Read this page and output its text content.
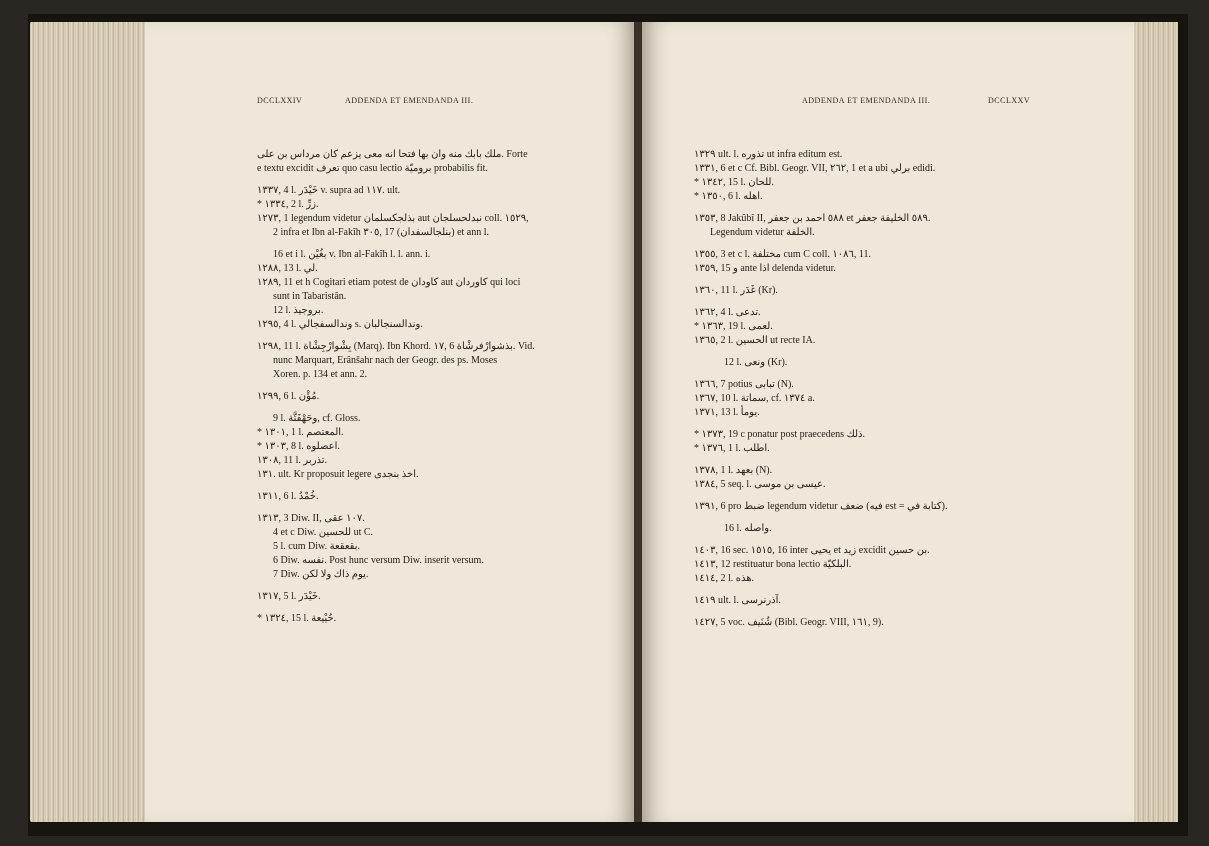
DCCLXXIV	ADDENDA ET EMENDANDA III.
ملك بابك منه وان بها فتحا انه معى يزعم كان مرداس بن على. Forte
e textu excidit تعرف quo casu lectio بروميّة probabilis fit.
١٣٣٧, 4 l. خَيْدَر v. supra ad ١١٧. ult.
* ١٣٣٤, 2 l. زرِّ.
١٢٧٣, 1 legendum videtur بذلجكسلمان aut نبدلحسلجان coll. ١٥٢٩,
2 infra et Ibn al-Fakîh ٣٠٥, 17 (بنلجالسفدان) et ann l.
16 et i l. بغُيْن v. Ibn al-Fakîh l. l. ann. i.
١٢٨٨, 13 l. لي.
١٢٨٩, 11 et h Cogitari etiam potest de كاودان aut كاوردان qui loci
sunt in Tabaristân.
12 l. بروجيذ.
١٢٩٥, 4 l. وندالسفجالي s. وندالسنجالبان.
١٢٩٨, 11 l. بِشْوارْجِشْاة (Marq). Ibn Khord. ١٧, 6 بذشوارْفرشْاة. Vid.
nunc Marquart, Erânšahr nach der Geogr. des ps. Moses
Xoren. p. 134 et ann. 2.
١٢٩٩, 6 l. مُؤْن.
9 l. وحَهْفَتَّة, cf. Gloss.
* ١٣٠١, 1 l. المعتصم.
* ١٣٠٣, 8 l. اعصلوه.
١٣٠٨, 11 l. تذربر.
١٣١. ult. Kr proposuit legere اخذ بنجدى.
١٣١١, 6 l. خُمْدُ.
١٣١٣, 3 Diw. II, ١٠٧ عقى.
4 et c Diw. للحسين ut C.
5 l. cum Diw. بقعقعة.
6 Diw. نفسه. Post hunc versum Diw. inserit versum.
7 Diw. يوم ذاك ولا لكن.
١٣١٧, 5 l. خَيْدَر.
* ١٣٢٤, 15 l. حُيْيعة.
ADDENDA ET EMENDANDA III.	DCCLXXV
١٣٢٩ ult. l. تذوره ut infra editum est.
١٣٣١, 6 et c Cf. Bibl. Geogr. VII, ٢٦٢, 1 et a ubi برلي edidi.
* ١٣٤٢, 15 l. للحان.
* ١٣٥٠, 6 l. اهله.
١٣٥٣, 8 Jakûbî II, ٥٨٨ احمد بن جعفر et ٥٨٩ الخليفة جعفر.
Legendum videtur الخلفة.
١٣٥٥, 3 et c l. مختلفة cum C coll. ١٠٨٦, 11.
١٣٥٩, 15 و ante اذا delenda videtur.
١٣٦٠, 11 l. غَدَر (Kr).
١٣٦٢, 4 l. تدعى.
* ١٣٦٣, 19 l. لعمى.
١٣٦٥, 2 l. الحسين ut recte IA.
12 l. ونعى (Kr).
١٣٦٦, 7 potius تبابى (N).
١٣٦٧, 10 l. سماتة, cf. ١٣٧٤ a.
١٣٧١, 13 l. يومأ.
* ١٣٧٣, 19 c ponatur post praecedens ذلك.
* ١٣٧٦, 1 l. اطلب.
١٣٧٨, 1 l. بعهد (N).
١٣٨٤, 5 seq. l. عيسى بن موسى.
١٣٩١, 6 pro ضبط legendum videtur ضعف (فيه est = كتابة في).
16 l. واصله.
١٤٠٣, 16 sec. ١٥١٥, 16 inter يحيى et زيد excidit بن حسين.
١٤١٣, 12 restituatur bona lectio البلكيّة.
١٤١٤, 2 l. هذه.
١٤١٩ ult. l. آذرنرسى.
١٤٢٧, 5 voc. شُنَيف (Bibl. Geogr. VIII, ١٦١, 9).
